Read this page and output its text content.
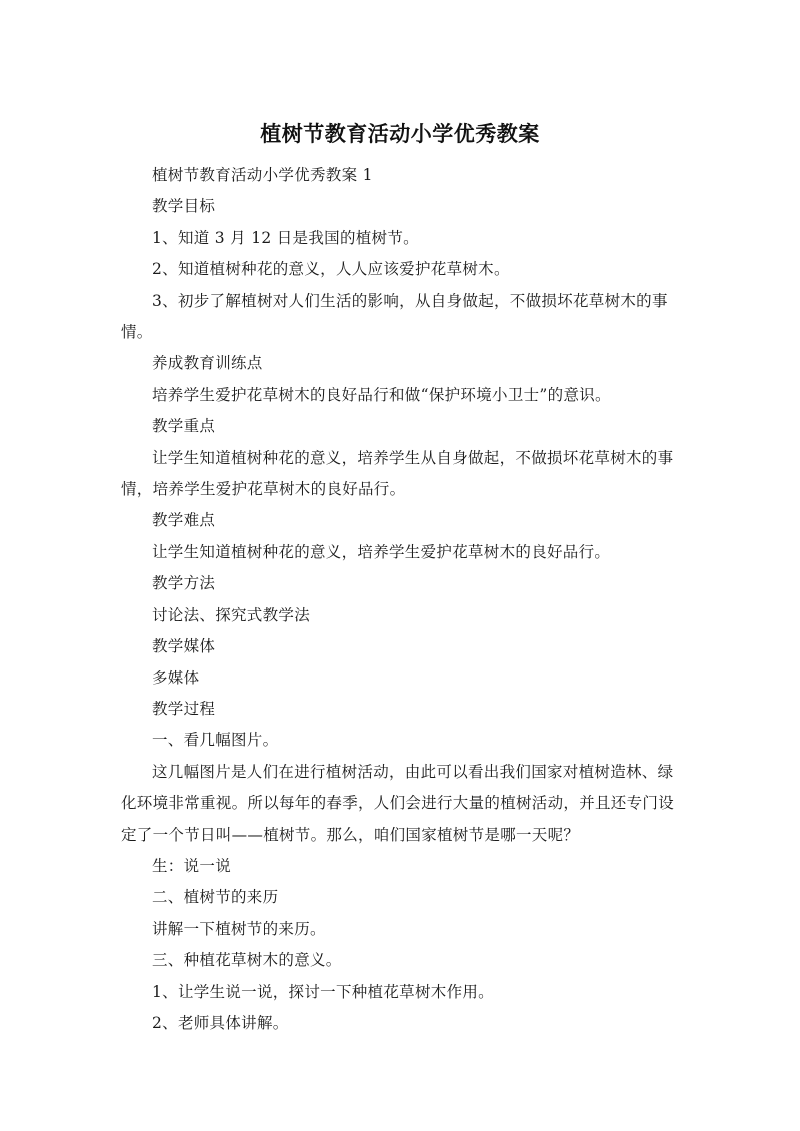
植树节教育活动小学优秀教案

植树节教育活动小学优秀教案 1

教学目标

1、知道 3 月 12 日是我国的植树节。

2、知道植树种花的意义，人人应该爱护花草树木。

3、初步了解植树对人们生活的影响，从自身做起，不做损坏花草树木的事情。

养成教育训练点

培养学生爱护花草树木的良好品行和做“保护环境小卫士”的意识。

教学重点

让学生知道植树种花的意义，培养学生从自身做起，不做损坏花草树木的事情，培养学生爱护花草树木的良好品行。

教学难点

让学生知道植树种花的意义，培养学生爱护花草树木的良好品行。

教学方法

讨论法、探究式教学法

教学媒体

多媒体

教学过程

一、看几幅图片。

这几幅图片是人们在进行植树活动，由此可以看出我们国家对植树造林、绿化环境非常重视。所以每年的春季，人们会进行大量的植树活动，并且还专门设定了一个节日叫——植树节。那么，咱们国家植树节是哪一天呢？

生：说一说

二、植树节的来历

讲解一下植树节的来历。

三、种植花草树木的意义。

1、让学生说一说，探讨一下种植花草树木作用。

2、老师具体讲解。
